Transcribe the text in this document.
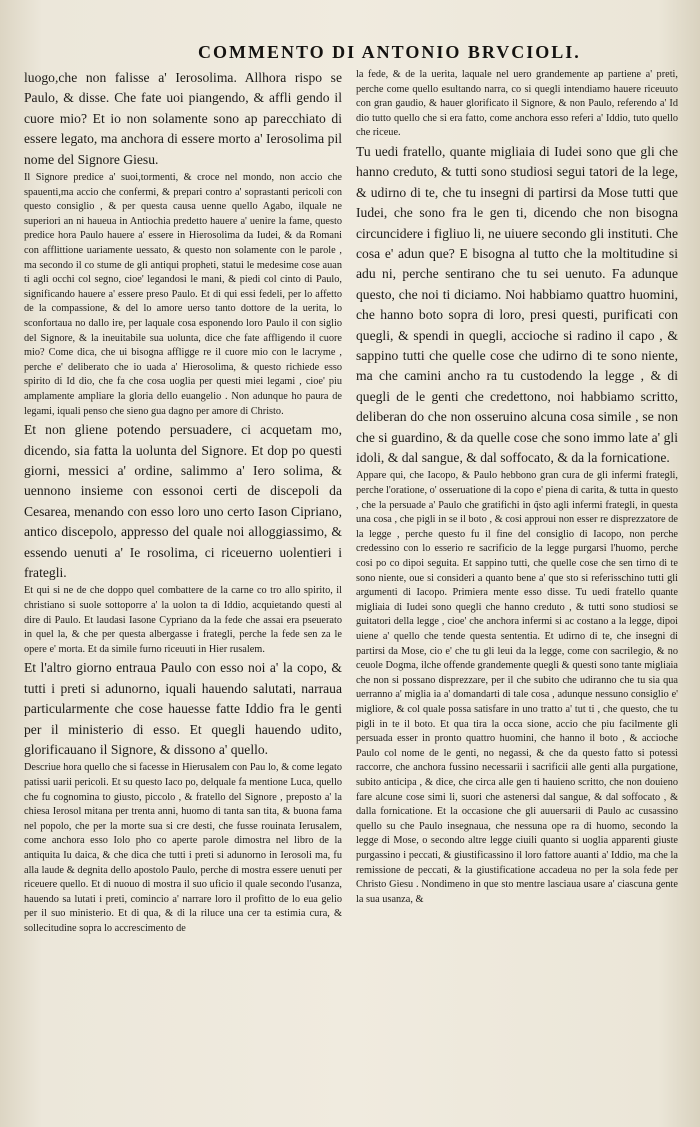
COMMENTO DI ANTONIO BRVCIOLI.

luogo,che non falisse a' Ierosolima. Allhora rispo se Paulo, & disse. Che fate uoi piangendo, & affli gendo il cuore mio? Et io non solamente sono ap parecchiato di essere legato, ma anchora di essere morto a' Ierosolima pil nome del Signore Giesu.

Il Signore predice a' suoi,tormenti, & croce nel mondo, non accio che spauenti,ma accio che confermi, & prepari contro a' soprastanti pericoli con questo consiglio , & per questa causa uenne quello Agabo, ilquale ne superiori an ni haueua in Antiochia predetto hauere a' uenire la fame, questo predice hora Paulo hauere a' essere in Hierosolima da Iudei, & da Romani con afflittione uariamente uessato, & questo non solamente con le parole , ma secondo il co stume de gli antiqui propheti, statui le medesime cose auan ti agli occhi col segno, cioe' legandosi le mani, & piedi col cinto di Paulo, significando hauere a' essere preso Paulo. Et di qui essi fedeli, per lo affetto de la compassione, & del lo amore uerso tanto dottore de la uerita, lo sconfortaua no dallo ire, per laquale cosa esponendo loro Paulo il con siglio del Signore, & la ineuitabile sua uolunta, dice che fate affligendo il cuore mio? Come dica, che ui bisogna affligge re il cuore mio con le lacryme , perche e' deliberato che io uada a' Hierosolima, & questo richiede esso spirito di Id dio, che fa che cosa uoglia per questi miei legami , cioe' piu amplamente ampliare la gloria dello euangelio . Non adunque ho paura de legami, iquali penso che sieno gua dagno per amore di Christo.

Et non gliene potendo persuadere, ci acquetam mo, dicendo, sia fatta la uolunta del Signore. Et dop po questi giorni, messici a' ordine, salimmo a' Iero solima, & uennono insieme con essonoi certi de discepoli da Cesarea, menando con esso loro uno certo Iason Cipriano, antico discepolo, appresso del quale noi alloggiassimo, & essendo uenuti a' Ie rosolima, ci riceuerno uolentieri i frategli.

Et qui si ne de che doppo quel combattere de la carne co tro allo spirito, il christiano si suole sottoporre a' la uolon ta di Iddio, acquietando questi al dire di Paulo. Et laudasi Iasone Cyprìano da la fede che assai era pseuerato in quel la, & che per questa albergasse i frategli, perche la fede sen za le opere e' morta. Et da simile furno riceuuti in Hier rusalem.

Et l'altro giorno entraua Paulo con esso noi a' la copo, & tutti i preti si adunorno, iquali hauendo salutati, narraua particularmente che cose hauesse fatte Iddio fra le genti per il ministerio di esso. Et quegli hauendo udito, glorificauano il Signore, & dissono a' quello.

Descriue hora quello che si facesse in Hierusalem con Pau lo, & come legato patissi uarii pericoli. Et su questo Iaco po, delquale fa mentione Luca, quello che fu cognomina to giusto, piccolo , & fratello del Signore , preposto a' la chiesa Ierosol mitana per trenta anni, huomo di tanta san tita, & buona fama nel popolo, che per la morte sua si cre desti, che fusse rouinata Ierusalem, come anchora esso Iolo pho co aperte parole dimostra nel libro de la antiquita Iu daica, & che dica che tutti i preti si adunorno in Ierosoli ma, fu alla laude & degnita dello apostolo Paulo, perche di mostra essere uenuti per riceuere quello. Et di nuouo di mostra il suo uficio il quale secondo l'usanza, hauendo sa lutati i preti, comincio a' narrare loro il profitto de lo eua gelio per il suo ministerio. Et di qua, & di la riluce una cer ta estimia cura, & sollecitudine sopra lo accrescimento de

la fede, & de la uerita, laquale nel uero grandemente ap partiene a' preti, perche come quello esultando narra, co si quegli intendiamo hauere riceuuto con gran gaudio, & hauer glorificato il Signore, & non Paulo, referendo a' Id dio tutto quello che si era fatto, come anchora esso referi a' Iddio, tuto quello che riceue.

Tu uedi fratello, quante migliaia di Iudei sono que gli che hanno creduto, & tutti sono studiosi segui tatori de la lege, & udirno di te, che tu insegni di partirsi da Mose tutti que Iudei, che sono fra le gen ti, dicendo che non bisogna circuncidere i figliuo li, ne uiuere secondo gli instituti. Che cosa e' adun que? E bisogna al tutto che la moltitudine si adu ni, perche sentirano che tu sei uenuto. Fa adunque questo, che noi ti diciamo. Noi habbiamo quattro huomini, che hanno boto sopra di loro, presi questi, purificati con quegli, & spendi in quegli, accioche si radino il capo , & sappino tutti che quelle cose che udirno di te sono niente, ma che camini ancho ra tu custodendo la legge , & di quegli de le genti che credettono, noi habbiamo scritto, deliberan do che non osseruino alcuna cosa simile , se non che si guardino, & da quelle cose che sono immo late a' gli idoli, & dal sangue, & dal soffocato, & da la fornicatione.

Appare qui, che Iacopo, & Paulo hebbono gran cura de gli infermi frategli, perche l'oratione, o' osseruatione di la copo e' piena di carita, & tutta in questo , che la persuade a' Paulo che gratifichi in q̃sto agli infermi frategli, in questa una cosa , che pigli in se il boto , & cosi approui non esser re disprezzatore de la legge , perche questo fu il fine del consiglio di Iacopo, non perche credessino con lo esserio re sacrificio de la legge purgarsi l'huomo, perche cosi po co dipoi seguita. Et sappino tutti, che quelle cose che sen tirno di te sono niente, oue si consideri a quanto bene a' que sto si referisschino tutti gli argumenti di Iacopo. Primiera mente esso disse. Tu uedi fratello quante migliaia di Iudei sono quegli che hanno creduto , & tutti sono studiosi se guitatori della legge , cioe' che anchora infermi si ac costano a la legge, dipoi uiene a' quello che tende questa sententia. Et udirno di te, che insegni di partirsi da Mose, cio e' che tu gli leui da la legge, come con sacrilegio, & no ceuole Dogma, ilche offende grandemente quegli & questi sono tante migliaia che non si possano disprezzare, per il che subito che udiranno che tu sia qua uerranno a' miglia ia a' domandarti di tale cosa , adunque nessuno consiglio e' migliore, & col quale possa satisfare in uno tratto a' tut ti , che questo, che tu pigli in te il boto. Et qua tira la occa sione, accio che piu facilmente gli persuada esser in pronto quattro huomini, che hanno il boto , & accioche Paulo col nome de le genti, no negassi, & che da questo fatto si potessi raccorre, che anchora fussino necessarii i sacrificii alle genti alla purgatione, subito anticipa , & dice, che circa alle gen ti hauieno scritto, che non douieno fare alcune cose simi li, suori che astenersi dal sangue, & dal soffocato , & dalla fornicatione. Et la occasione che gli auuersarii di Paulo ac cusassino quello su che Paulo insegnaua, che nessuna ope ra di huomo, secondo la legge di Mose, o secondo altre legge ciuili quanto si uoglia apparenti giuste purgassino i peccati, & giustificassino il loro fattore auanti a' Iddio, ma che la remissione de peccati, & la giustificatione accadeua no per la sola fede per Christo Giesu . Nondimeno in que sto mentre lasciaua usare a' ciascuna gente la sua usanza, &
